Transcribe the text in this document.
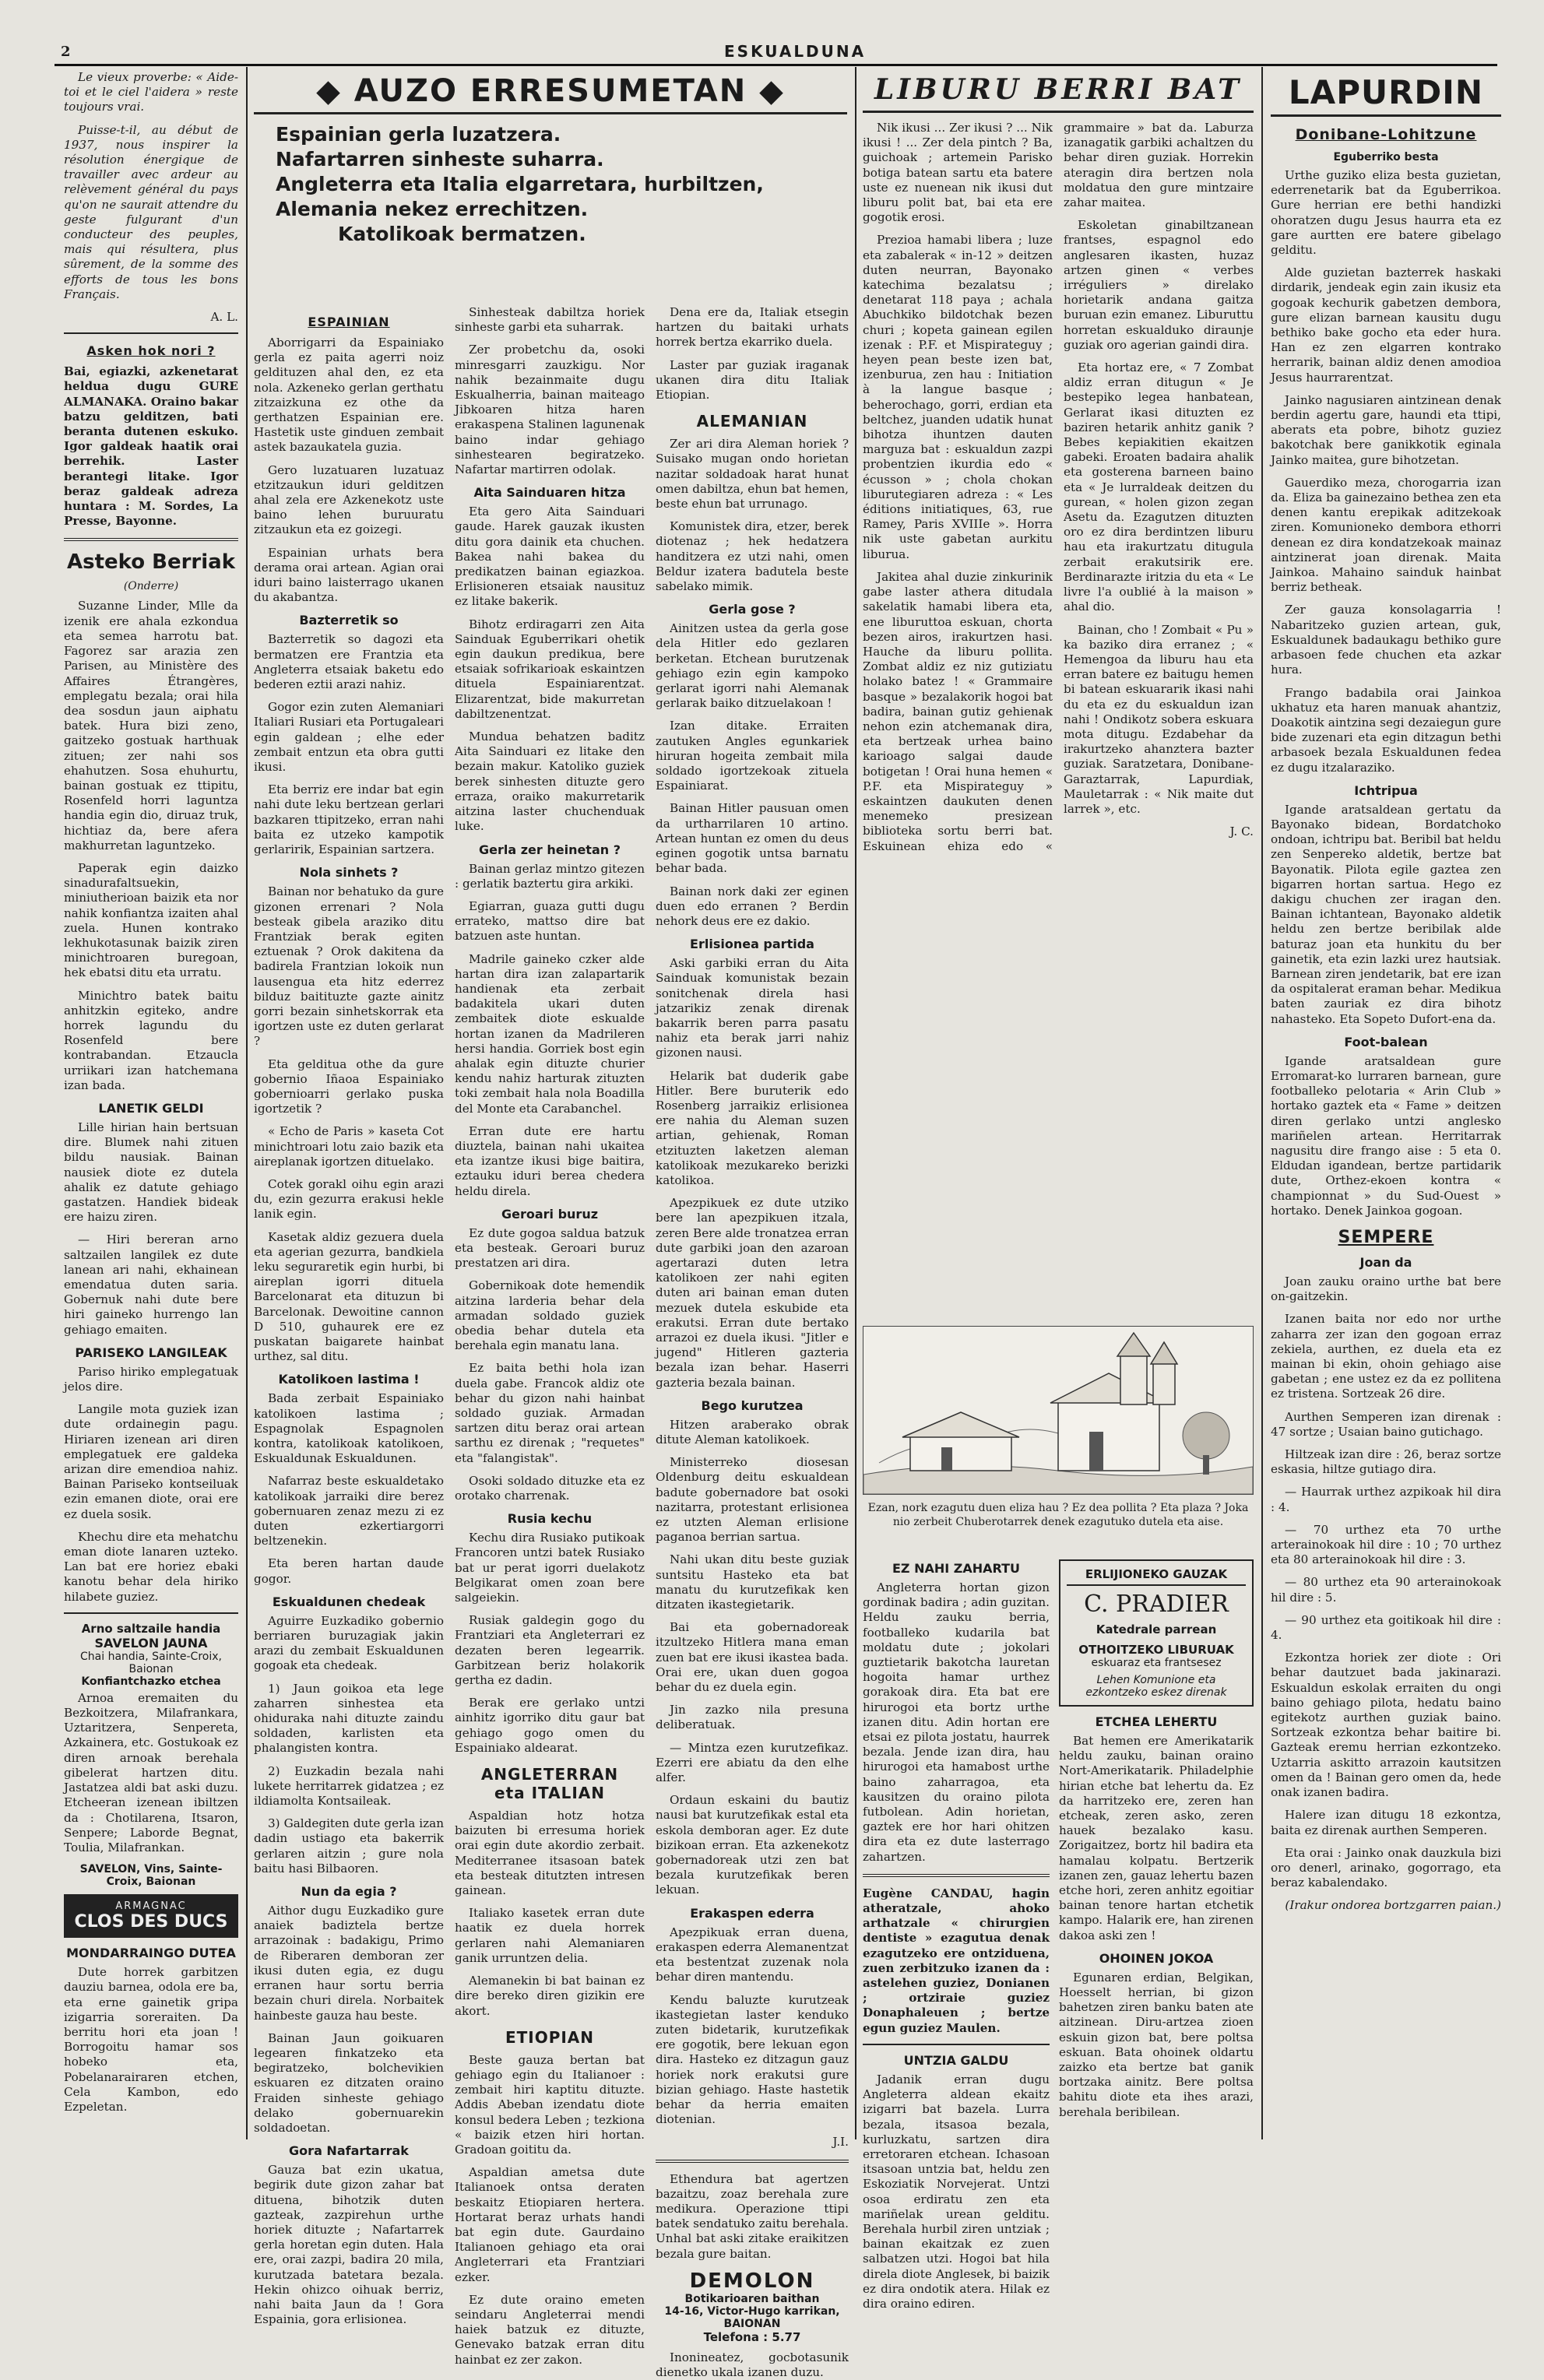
2	ESKUALDUNA

Le vieux proverbe: « Aide-toi et le ciel l'aidera » reste toujours vrai.

Puisse-t-il, au début de 1937, nous inspirer la résolution énergique de travailler avec ardeur au relèvement général du pays qu'on ne saurait attendre du geste fulgurant d'un conducteur des peuples, mais qui résultera, plus sûrement, de la somme des efforts de tous les bons Français.

A. L.

Asken hok nori ?

Bai, egiazki, azkenetarat heldua dugu GURE ALMANAKA. Oraino bakar batzu gelditzen, bati beranta dutenen eskuko. Igor galdeak haatik orai berrehik. Laster berantegi litake. Igor beraz galdeak adreza huntara : M. Sordes, La Presse, Bayonne.

Asteko Berriak
(Onderre)

Suzanne Linder, Mlle da izenik ere ahala ezkondua eta semea harrotu bat. Fagorez sar arazia zen Parisen, au Ministère des Affaires Étrangères, emplegatu bezala; orai hila dea sosdun jaun aiphatu batek. Hura bizi zeno, gaitzeko gostuak harthuak zituen; zer nahi sos ehahutzen. Sosa ehuhurtu, bainan gostuak ez ttipitu, Rosenfeld horri laguntza handia egin dio, diruaz truk, hichtiaz da, bere afera makhurretan laguntzeko.

Paperak egin daizko sinadurafaltsuekin, miniutherioan baizik eta nor nahik konfiantza izaiten ahal zuela. Hunen kontrako lekhukotasunak baizik ziren minichtroaren buregoan, hek ebatsi ditu eta urratu.

Minichtro batek baitu anhitzkin egiteko, andre horrek lagundu du Rosenfeld bere kontrabandan. Etzaucla urriikari izan hatchemana izan bada.

LANETIK GELDI

Lille hirian hain bertsuan dire. Blumek nahi zituen bildu nausiak. Bainan nausiek diote ez dutela ahalik ez datute gehiago gastatzen. Handiek bideak ere haizu ziren.

— Hiri bereran arno saltzailen langilek ez dute lanean ari nahi, ekhainean emendatua duten saria. Gobernuk nahi dute bere hiri gaineko hurrengo lan gehiago emaiten.

PARISEKO LANGILEAK

Pariso hiriko emplegatuak jelos dire.

Langile mota guziek izan dute ordainegin pagu. Hiriaren izenean ari diren emplegatuek ere galdeka arizan dire emendioa nahiz. Bainan Pariseko kontseiluak ezin emanen diote, orai ere ez duela sosik.

Khechu dire eta mehatchu eman diote lanaren uzteko. Lan bat ere horiez ebaki kanotu behar dela hiriko hilabete guziez.

Arno saltzaile handia
SAVELON JAUNA
Chai handia, Sainte-Croix, Baionan
Konfiantchazko etchea

Arnoa eremaiten du Bezkoitzera, Milafrankara, Uztaritzera, Senpereta, Azkainera, etc. Gostukoak ez diren arnoak berehala gibelerat hartzen ditu. Jastatzea aldi bat aski duzu. Etcheeran izenean ibiltzen da : Chotilarena, Itsaron, Senpere; Laborde Begnat, Toulia, Milafrankan.

SAVELON, Vins, Sainte-Croix, Baionan
ARMAGNAC
CLOS DES DUCS
MONDARRAINGO DUTEA

Dute horrek garbitzen dauziu barneа, odola ere ba, eta erne gainetik gripa izigarria soreraiten. Da berritu hori eta joan ! Borrogoitu hamar sos hobeko eta, Pobelanarairaren etchen, Cela Kambon, edo Ezpeletan.

◆ AUZO ERRESUMETAN ◆
Espainian gerla luzatzera.
Nafartarren sinheste suharra.
Angleterra eta Italia elgarretara, hurbiltzen, Alemania nekez errechitzen.
Katolikoak bermatzen.
ESPAINIAN

Aborrigarri da Espainiako gerla ez paita agerri noiz geldituzen ahal den, ez eta nola. Azkeneko gerlan gerthatu zitzaizkuna ez othe da gerthatzen Espainian ere. Hastetik uste ginduen zembait astek bazaukatela guzia.

Gero luzatuaren luzatuaz etzitzaukun iduri gelditzen ahal zela ere Azkenekotz uste baino lehen buruuratu zitzaukun eta ez goizegi.

Espainian urhats bera derama orai artean. Agian orai iduri baino laisterrago ukanen du akabantza.

Bazterretik so

Bazterretik so dagozi eta bermatzen ere Frantzia eta Angleterra etsaiak baketu edo bederen eztii arazi nahiz.

Gogor ezin zuten Alemaniari Italiari Rusiari eta Portugaleari egin galdean ; elhe eder zembait entzun eta obra gutti ikusi.

Eta berriz ere indar bat egin nahi dute leku bertzean gerlari bazkaren ttipitzeko, erran nahi baita ez utzeko kampotik gerlaririk, Espainian sartzera.

Nola sinhets ?

Bainan nor behatuko da gure gizonen errenari ? Nola besteak gibela araziko ditu Frantziak berak egiten eztuenak ? Orok dakitena da badirela Frantzian lokoik nun lausengua eta hitz ederrez bilduz baitituzte gazte ainitz gorri bezain sinhetskorrak eta igortzen uste ez duten gerlarat ?

Eta gelditua othe da gure gobernio Iñaoa Espainiako gobernioarri gerlako puska igortzetik ?

« Echo de Paris » kaseta Cot minichtroari lotu zaio bazik eta aireplanak igortzen dituelako.

Cotek gorakl oihu egin arazi du, ezin gezurra erakusi hekle lanik egin.

Kasetak aldiz gezuera duela eta agerian gezurra, bandkiela leku seguraretik egin hurbi, bi aireplan igorri dituela Barcelonarat eta dituzun bi Barcelonak. Dewoitine cannon D 510, guhaurek ere ez puskatan baigarete hainbat urthez, sal ditu.

Katolikoen lastima !

Bada zerbait Espainiako katolikoen lastima ; Espagnolak Espagnolen kontra, katolikoak katolikoen, Eskualdunak Eskualdunen.

Nafarraz beste eskualdetako katolikoak jarraiki dire berez gobernuaren zenaz mezu zi ez duten ezkertiargorri beltzenekin.

Eta beren hartan daude gogor.

Eskualdunen chedeak

Aguirre Euzkadiko gobernio berriaren buruzagiak jakin arazi du zembait Eskualdunen gogoak eta chedeak.

1) Jaun goikoa eta lege zaharren sinhestea eta ohiduraka nahi dituzte zaindu soldaden, karlisten eta phalangisten kontra.

2) Euzkadin bezala nahi lukete herritarrek gidatzea ; ez ildiamolta Kontsaileak.

3) Galdegiten dute gerla izan dadin ustiago eta bakerrik gerlaren aitzin ; gure nola baitu hasi Bilbaoren.

Nun da egia ?

Aithor dugu Euzkadiko gure anaiek badiztela bertze arrazoinak : badakigu, Primo de Riberaren demboran zer ikusi duten egia, ez dugu erranen haur sortu berria bezain churi direla. Norbaitek hainbeste gauza hau beste.

Bainan Jaun goikuaren legearen finkatzeko eta begiratzeko, bolchevikien eskuaren ez ditzaten oraino Fraiden sinheste gehiago delako gobernuarekin soldadoetan.

Gora Nafartarrak

Gauza bat ezin ukatua, begirik dute gizon zahar bat dituena, bihotzik duten gazteak, zazpirehun urthe horiek dituzte ; Nafartarrek gerla horetan egin duten. Hala ere, orai zazpi, badira 20 mila, kurutzada batetara bezala. Hekin ohizco oihuak berriz, nahi baita Jaun da ! Gora Espainia, gora erlisionea.

Sinhesteak dabiltza horiek sinheste garbi eta suharrak.

Zer probetchu da, osoki minresgarri zauzkigu. Nor nahik bezainmaite dugu Eskualherria, bainan maiteago Jibkoaren hitza haren erakaspena Stalinen lagunenak baino indar gehiago sinhestearen begiratzeko. Nafartar martirren odolak.

Aita Sainduaren hitza

Eta gero Aita Sainduari gaude. Harek gauzak ikusten ditu gora dainik eta chuchen. Bakea nahi bakea du predikatzen bainan egiazkoa. Erlisioneren etsaiak nausituz ez litake bakerik.

Bihotz erdiragarri zen Aita Sainduak Eguberrikari ohetik egin daukun predikua, bere etsaiak sofrikarioak eskaintzen dituela Espainiarentzat. Elizarentzat, bide makurretan dabiltzenentzat.

Mundua behatzen baditz Aita Sainduari ez litake den bezain makur. Katoliko guziek berek sinhesten dituzte gero erraza, oraiko makurretarik aitzina laster chuchenduak luke.

Gerla zer heinetan ?

Bainan gerlaz mintzo gitezen : gerlatik baztertu gira arkiki.

Egiarran, guaza gutti dugu errateko, mattso dire bat batzuen aste huntan.

Madrile gaineko czker alde hartan dira izan zalapartarik handienak eta zerbait badakitela ukari duten zembaitek diote eskualde hortan izanen da Madrileren hersi handia. Gorriek bost egin ahalak egin dituzte churier kendu nahiz harturak zituzten toki zembait hala nola Boadilla del Monte eta Carabanchel.

Erran dute ere hartu diuztela, bainan nahi ukaitea eta izantze ikusi bige baitira, eztauku iduri berea chedera heldu direla.

Geroari buruz

Ez dute gogoa saldua batzuk eta besteak. Geroari buruz prestatzen ari dira.

Gobernikoak dote hemendik aitzina larderia behar dela armadan soldado guziek obedia behar dutela eta berehala egin manatu lana.

Ez baita bethi hola izan duela gabe. Francok aldiz ote behar du gizon nahi hainbat soldado guziak. Armadan sartzen ditu beraz orai artean sarthu ez direnak ; "requetes" eta "falangistak".

Osoki soldado dituzke eta ez orotako charrenak.

Rusia kechu

Kechu dira Rusiako putikoak Francoren untzi batek Rusiako bat ur perat igorri duelakotz Belgikarat omen zoan bere salgeiekin.

Rusiak galdegin gogo du Frantziari eta Angleterrari ez dezaten beren legearrik. Garbitzean beriz holakorik gertha ez dadin.

Berak ere gerlako untzi ainhitz igorriko ditu gaur bat gehiago gogo omen du Espainiako aldearat.

ANGLETERRAN
eta ITALIAN

Aspaldian hotz hotza baizuten bi erresuma horiek orai egin dute akordio zerbait. Mediterranee itsasoan batek eta besteak ditutzten intresen gainean.

Italiako kasetek erran dute haatik ez duela horrek gerlaren nahi Alemaniaren ganik urruntzen delia.

Alemanekin bi bat bainan ez dire bereko diren gizikin ere akort.

ETIOPIAN

Beste gauza bertan bat gehiago egin du Italianoer : zembait hiri kaptitu dituzte. Addis Abeban izendatu diote konsul bedera Leben ; tezkiona « baizik etzen hiri hortan. Gradoan goititu da.

Aspaldian ametsa dute Italianoek ontsa deraten beskaitz Etiopiaren hertera. Hortarat beraz urhats handi bat egin dute. Gaurdaino Italianoen gehiago eta orai Angleterrari eta Frantziari ezker.

Ez dute oraino emeten seindaru Angleterrai mendi haiek batzuk ez dituzte, Genevako batzak erran ditu hainbat ez zer zakon.

Dena ere da, Italiak etsegin hartzen du baitaki urhats horrek bertza ekarriko duela.

Laster par guziak iraganak ukanen dira ditu Italiak Etiopian.

ALEMANIAN

Zer ari dira Aleman horiek ? Suisako mugan ondo horietan nazitar soldadoak harat hunat omen dabiltza, ehun bat hemen, beste ehun bat urrunago.

Komunistek dira, etzer, berek diotenaz ; hek hedatzera handitzera ez utzi nahi, omen Beldur izatera badutela beste sabelako mimik.

Gerla gose ?

Ainitzen ustea da gerla gose dela Hitler edo gezlaren berketan. Etchean burutzenak gehiago ezin egin kampoko gerlarat igorri nahi Alemanak gerlarak baiko ditzuelakoan !

Izan ditake. Erraiten zautuken Angles egunkariek hiruran hogeita zembait mila soldado igortzekoak zituela Espainiarat.

Bainan Hitler pausuan omen da urtharrilaren 10 artino. Artean huntan ez omen du deus eginen gogotik untsa barnatu behar bada.

Bainan nork daki zer eginen duen edo erranen ? Berdin nehork deus ere ez dakio.

Erlisionea partida

Aski garbiki erran du Aita Sainduak komunistak bezain sonitchenak direla hasi jatzarikiz zenak direnak bakarrik beren parra pasatu nahiz eta berak jarri nahiz gizonen nausi.

Helarik bat duderik gabe Hitler. Bere buruterik edo Rosenberg jarraikiz erlisionea ere nahia du Aleman suzen artian, gehienak, Roman etzituzten laketzen aleman katolikoak mezukareko berizki katolikoa.

Apezpikuek ez dute utziko bere lan apezpikuen itzala, zeren Bere alde tronatzea erran dute garbiki joan den azaroan agertarazi duten letra katolikoen zer nahi egiten duten ari bainan eman duten mezuek dutela eskubide eta erakutsi. Erran dute bertako arrazoi ez duela ikusi. "Jitler e jugend" Hitleren gazteria bezala izan behar. Haserri gazteria bezala bainan.

Bego kurutzea

Hitzen araberako obrak ditute Aleman katolikoek.

Ministerreko diosesan Oldenburg deitu eskualdean badute gobernadore bat osoki nazitarra, protestant erlisionea ez utzten Aleman erlisione paganoa berrian sartua.

Nahi ukan ditu beste guziak suntsitu Hasteko eta bat manatu du kurutzefikak ken ditzaten ikastegietarik.

Bai eta gobernadoreak itzultzeko Hitlera mana eman zuen bat ere ikusi ikastea bada. Orai ere, ukan duen gogoa behar du ez duela egin.

Jin zazko nila presuna deliberatuak.

— Mintza ezen kurutzefikaz. Ezerri ere abiatu da den elhe alfer.

Ordaun eskaini du bautiz nausi bat kurutzefikak estal eta eskola demboran ager. Ez dute bizikoan erran. Eta azkenekotz gobernadoreak utzi zen bat bezala kurutzefikak beren lekuan.

Erakaspen ederra

Apezpikuak erran duena, erakaspen ederra Alemanentzat eta bestentzat zuzenak nola behar diren mantendu.

Kendu baluzte kurutzeak ikastegietan laster kenduko zuten bidetarik, kurutzefikak ere gogotik, bere lekuan egon dira. Hasteko ez ditzagun gauz horiek nork erakutsi gure bizian gehiago. Haste hastetik behar da herria emaiten diotenian.

J.I.

Ethendura bat agertzen bazaitzu, zoaz berehala zure medikura. Operazione ttipi batek sendatuko zaitu berehala. Unhal bat aski zitake eraikitzen bezala gure baitan.

DEMOLON
Botikarioaren baithan
14-16, Victor-Hugo karrikan, BAIONAN
Telefona : 5.77

Inonineatez, gocbotasunik dienetko ukala izanen duzu.

LIBURU BERRI BAT

Nik ikusi ... Zer ikusi ? ... Nik ikusi ! ... Zer dela pintch ? Ba, guichoak ; artemein Parisko botiga batean sartu eta batere uste ez nuenean nik ikusi dut liburu polit bat, bai eta ere gogotik erosi.

Prezioa hamabi libera ; luze eta zabalerak « in-12 » deitzen duten neurran, Bayonako katechima bezalatsu ; denetarat 118 paya ; achala Abuchkiko bildotchak bezen churi ; kopeta gainean egilen izenak : P.F. et Mispirateguy ; heyen pean beste izen bat, izenburua, zen hau : Initiation à la langue basque ; beherochago, gorri, erdian eta beltchez, juanden udatik hunat bihotza ihuntzen dauten marguza bat : eskualdun zazpi probentzien ikurdia edo « écusson » ; chola chokan liburutegiaren adreza : « Les éditions initiatiques, 63, rue Ramey, Paris XVIIIe ». Horra nik uste gabetan aurkitu liburua.

Jakitea ahal duzie zinkurinik gabe laster athera ditudala sakelatik hamabi libera eta, ene liburuttoa eskuan, chorta bezen airos, irakurtzen hasi. Hauche da liburu pollita. Zombat aldiz ez niz gutiziatu holako batez ! « Grammaire basque » bezalakorik hogoi bat badira, bainan gutiz gehienak nehon ezin atchemanak dira, eta bertzeak urhea baino karioago salgai daude botigetan ! Orai huna hemen « P.F. eta Mispirateguy » eskaintzen daukuten denen menemeko presizean biblioteka sortu berri bat. Eskuinean ehiza edo « grammaire » bat da. Laburza izanagatik garbiki achaltzen du behar diren guziak. Horrekin ateragin dira bertzen nola moldatua den gure mintzaire zahar maitea.

Eskoletan ginabiltzanean frantses, espagnol edo anglesaren ikasten, huzaz artzen ginen « verbes irréguliers » direlako horietarik andana gaitza buruan ezin emanez. Liburuttu horretan eskualduko diraunje guziak oro agerian gaindi dira.

Eta hortaz ere, « 7 Zombat aldiz erran ditugun « Je bestepiko legea hanbatean, Gerlarat ikasi dituzten ez baziren hetarik anhitz ganik ? Bebes kepiakitien ekaitzen gabeki. Eroaten badaira ahalik eta gosterena barneen baino eta « Je lurraldeak deitzen du gurean, « holen gizon zegan Asetu da. Ezagutzen dituzten oro ez dira berdintzen liburu hau eta irakurtzatu ditugula zerbait erakutsirik ere. Berdinarazte iritzia du eta « Le livre l'a oublié à la maison » ahal dio.

Bainan, cho ! Zombait « Pu » ka baziko dira erranez ; « Hemengoa da liburu hau eta erran batere ez baitugu hemen bi batean eskuararik ikasi nahi du eta ez du eskualdun izan nahi ! Ondikotz sobera eskuara mota ditugu. Ezdabehar da irakurtzeko ahanztera bazter guziak. Saratzetara, Donibane-Garaztarrak, Lapurdiak, Mauletarrak : « Nik maite dut larrek », etc.

J. C.

Ezan, nork ezagutu duen eliza hau ? Ez dea pollita ? Eta plaza ? Joka nio zerbeit Chuberotarrek denek ezagutuko dutela eta aise.

EZ NAHI ZAHARTU

Angleterra hortan gizon gordinak badira ; adin guzitan. Heldu zauku berria, footballeko kudarila bat moldatu dute ; jokolari guztietarik bakotcha lauretan hogoita hamar urthez gorakoak dira. Eta bat ere hirurogoi eta bortz urthe izanen ditu. Adin hortan ere etsai ez pilota jostatu, haurrek bezala. Jende izan dira, hau hirurogoi eta hamabost urthe baino zaharragoa, eta kausitzen du oraino pilota futbolean. Adin horietan, gaztek ere hor hari ohitzen dira eta ez dute lasterrago zahartzen.

Eugène CANDAU, hagin atheratzale, ahoko arthatzale « chirurgien dentiste » ezagutua denak ezagutzeko ere ontziduena, zuen zerbitzuko izanen da : astelehen guziez, Donianen ; ortziraie guziez Donaphaleuen ; bertze egun guziez Maulen.

UNTZIA GALDU

Jadanik erran dugu Angleterra aldean ekaitz izigarri bat bazela. Lurra bezala, itsasoa bezala, kurluzkatu, sartzen dira erretoraren etchean. Ichasoan itsasoan untzia bat, heldu zen Eskoziatik Norvejerat. Untzi osoa erdiratu zen eta mariñelak urean gelditu. Berehala hurbil ziren untziak ; bainan ekaitzak ez zuen salbatzen utzi. Hogoi bat hila direla diote Anglesek, bi baizik ez dira ondotik atera. Hilak ez dira oraino ediren.

ERLIJIONEKO GAUZAK
C. PRADIER
Katedrale parrean
OTHOITZEKO LIBURUAK
eskuaraz eta frantsesez
Lehen Komunione eta ezkontzeko eskez direnak
ETCHEA LEHERTU

Bat hemen ere Amerikatarik heldu zauku, bainan oraino Nort-Amerikatarik. Philadelphie hirian etche bat lehertu da. Ez da harritzeko ere, zeren han etcheak, zeren asko, zeren hauek bezalako kasu. Zorigaitzez, bortz hil badira eta hamalau kolpatu. Bertzerik izanen zen, gauaz lehertu bazen etche hori, zeren anhitz egoitiar bainan tenore hartan etchetik kampo. Halarik ere, han zirenen dakoa aski zen !

OHOINEN JOKOA

Egunaren erdian, Belgikan, Hoesselt herrian, bi gizon bahetzen ziren banku baten ate aitzinean. Diru-artzea zioen eskuin gizon bat, bere poltsa eskuan. Bata ohoinek oldartu zaizko eta bertze bat ganik bortzaka ainitz. Bere poltsa bahitu diote eta ihes arazi, berehala beribilean.

LAPURDIN
Donibane-Lohitzune
Eguberriko besta

Urthe guziko eliza besta guzietan, ederrenetarik bat da Eguberrikoa. Gure herrian ere bethi handizki ohoratzen dugu Jesus haurra eta ez gare aurtten ere batere gibelago gelditu.

Alde guzietan bazterrek haskaki dirdarik, jendeak egin zain ikusiz eta gogoak kechurik gabetzen dembora, gure elizan barnean kausitu dugu bethiko bake gocho eta eder hura. Han ez zen elgarren kontrako herrarik, bainan aldiz denen amodioa Jesus haurrarentzat.

Jainko nagusiaren aintzinean denak berdin agertu gare, haundi eta ttipi, aberats eta pobre, bihotz guziez bakotchak bere ganikkotik eginala Jainko maitea, gure bihotzetan.

Gauerdiko meza, chorogarria izan da. Eliza ba gainezaino bethea zen eta denen kantu erepikak aditzekoak ziren. Komunioneko dembora ethorri denean ez dira kondatzekoak mainaz aintzinerat joan direnak. Maita Jainkoa. Mahaino sainduk hainbat berriz betheak.

Zer gauza konsolagarria ! Nabaritzeko guzien artean, guk, Eskualdunek badaukagu bethiko gure arbasoen fede chuchen eta azkar hura.

Frango badabila orai Jainkoa ukhatuz eta haren manuak ahantziz, Doakotik aintzina segi dezaiegun gure bide zuzenari eta egin ditzagun bethi arbasoek bezala Eskualdunen fedea ez dugu itzalaraziko.

Ichtripua

Igande aratsaldean gertatu da Bayonako bidean, Bordatchoko ondoan, ichtripu bat. Beribil bat heldu zen Senpereko aldetik, bertze bat Bayonatik. Pilota egile gaztea zen bigarren hortan sartua. Hego ez dakigu chuchen zer iragan den. Bainan ichtantean, Bayonako aldetik heldu zen bertze beribilak alde baturaz joan eta hunkitu du ber gainetik, eta ezin lazki urez hautsiak. Barnean ziren jendetarik, bat ere izan da ospitalerat eraman behar. Medikua baten zauriak ez dira bihotz nahasteko. Eta Sopeto Dufort-ena da.

Foot-balean

Igande aratsaldean gure Erromarat-ko lurraren barnean, gure footballeko pelotaria « Arin Club » hortako gaztek eta « Fame » deitzen diren gerlako untzi anglesko mariñelen artean. Herritarrak nagusitu dire frango aise : 5 eta 0. Eldudan igandean, bertze partidarik dute, Orthez-ekoen kontra « championnat » du Sud-Ouest » hortako. Denek Jainkoa gogoan.

SEMPERE
Joan da

Joan zauku oraino urthe bat bere on-gaitzekin.

Izanen baita nor edo nor urthe zaharra zer izan den gogoan erraz zekiela, aurthen, ez duela eta ez mainan bi ekin, ohoin gehiago aise gabetan ; ene ustez ez da ez pollitena ez tristena. Sortzeak 26 dire.

Aurthen Semperen izan direnak : 47 sortze ; Usaian baino gutichago.

Hiltzeak izan dire : 26, beraz sortze eskasia, hiltze gutiago dira.

— Haurrak urthez azpikoak hil dira : 4.

— 70 urthez eta 70 urthe arterainokoak hil dire : 10 ; 70 urthez eta 80 arterainokoak hil dire : 3.

— 80 urthez eta 90 arterainokoak hil dire : 5.

— 90 urthez eta goitikoak hil dire : 4.

Ezkontza horiek zer diote : Ori behar dautzuet bada jakinarazi. Eskualdun eskolak erraiten du ongi baino gehiago pilota, hedatu baino egitekotz aurthen guziak baino. Sortzeak ezkontza behar baitire bi. Gazteak eremu herrian ezkontzeko. Uztarria askitto arrazoin kautsitzen omen da ! Bainan gero omen da, hede onak izanen badira.

Halere izan ditugu 18 ezkontza, baita ez direnak aurthen Semperen.

Eta orai : Jainko onak dauzkula bizi oro denerl, arinako, gogorrago, eta beraz kabalendako.

(Irakur ondoreа bortzgarren paian.)
